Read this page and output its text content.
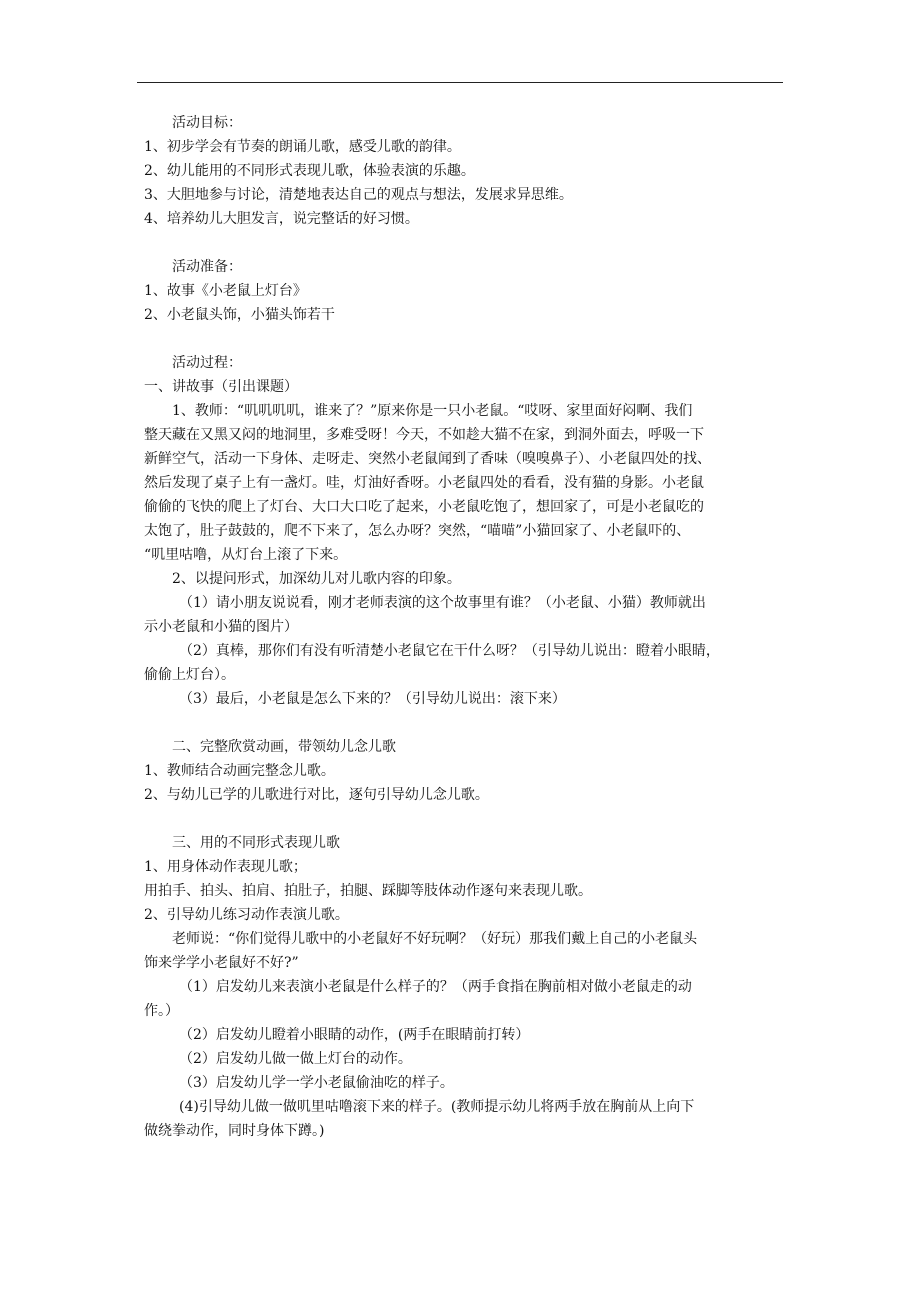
活动目标：

1、初步学会有节奏的朗诵儿歌，感受儿歌的韵律。

2、幼儿能用的不同形式表现儿歌，体验表演的乐趣。

3、大胆地参与讨论，清楚地表达自己的观点与想法，发展求异思维。

4、培养幼儿大胆发言，说完整话的好习惯。

活动准备：

1、故事《小老鼠上灯台》

2、小老鼠头饰，小猫头饰若干

活动过程：

一、讲故事（引出课题）

1、教师：“叽叽叽叽，谁来了？”原来你是一只小老鼠。“哎呀、家里面好闷啊、我们

整天藏在又黑又闷的地洞里，多难受呀！今天，不如趁大猫不在家，到洞外面去，呼吸一下

新鲜空气，活动一下身体、走呀走、突然小老鼠闻到了香味（嗅嗅鼻子）、小老鼠四处的找、

然后发现了桌子上有一盏灯。哇，灯油好香呀。小老鼠四处的看看，没有猫的身影。小老鼠

偷偷的飞快的爬上了灯台、大口大口吃了起来，小老鼠吃饱了，想回家了，可是小老鼠吃的

太饱了，肚子鼓鼓的，爬不下来了，怎么办呀？突然，“喵喵”小猫回家了、小老鼠吓的、

“叽里咕噜，从灯台上滚了下来。

2、以提问形式，加深幼儿对儿歌内容的印象。

（1）请小朋友说说看，刚才老师表演的这个故事里有谁？（小老鼠、小猫）教师就出

示小老鼠和小猫的图片）

（2）真棒，那你们有没有听清楚小老鼠它在干什么呀？（引导幼儿说出：瞪着小眼睛，

偷偷上灯台）。

（3）最后，小老鼠是怎么下来的？（引导幼儿说出：滚下来）

二、完整欣赏动画，带领幼儿念儿歌

1、教师结合动画完整念儿歌。

2、与幼儿已学的儿歌进行对比，逐句引导幼儿念儿歌。

三、用的不同形式表现儿歌

1、用身体动作表现儿歌；

用拍手、拍头、拍肩、拍肚子，拍腿、踩脚等肢体动作逐句来表现儿歌。

2、引导幼儿练习动作表演儿歌。

老师说：“你们觉得儿歌中的小老鼠好不好玩啊？（好玩）那我们戴上自己的小老鼠头

饰来学学小老鼠好不好?”

（1）启发幼儿来表演小老鼠是什么样子的？（两手食指在胸前相对做小老鼠走的动

作。）

（2）启发幼儿瞪着小眼睛的动作，(两手在眼睛前打转）

（2）启发幼儿做一做上灯台的动作。

（3）启发幼儿学一学小老鼠偷油吃的样子。

(4)引导幼儿做一做叽里咕噜滚下来的样子。(教师提示幼儿将两手放在胸前从上向下

做绕拳动作，同时身体下蹲。)
